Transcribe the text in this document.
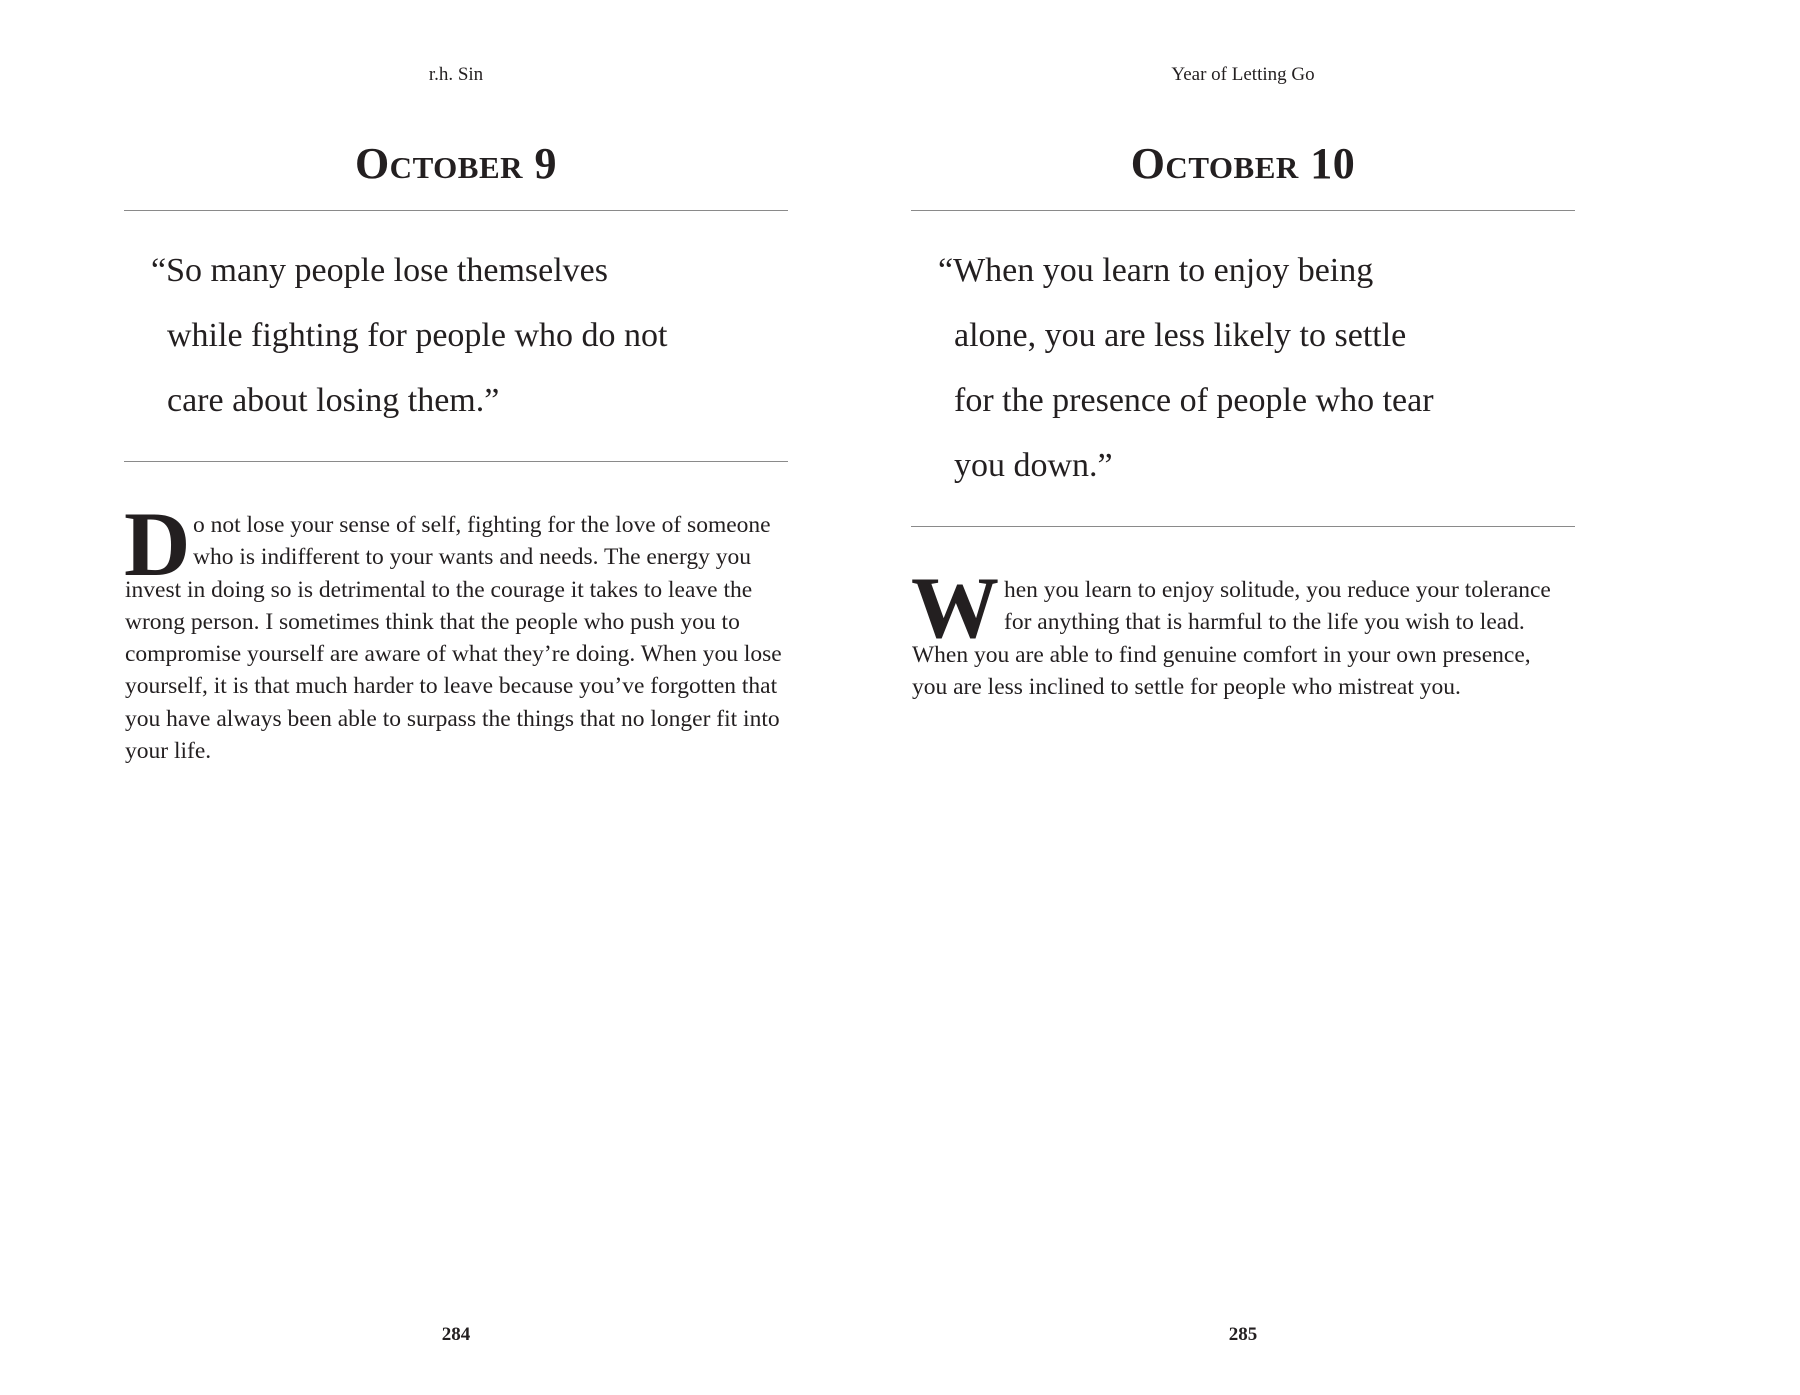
r.h. Sin
October 9
“So many people lose themselves
while fighting for people who do not
care about losing them.”
D o not lose your sense of self, fighting for the love of someone
who is indifferent to your wants and needs. The energy you
invest in doing so is detrimental to the courage it takes to leave the
wrong person. I sometimes think that the people who push you to
compromise yourself are aware of what they’re doing. When you lose
yourself, it is that much harder to leave because you’ve forgotten that
you have always been able to surpass the things that no longer fit into
your life.
284
Year of Letting Go
October 10
“When you learn to enjoy being
alone, you are less likely to settle
for the presence of people who tear
you down.”
W hen you learn to enjoy solitude, you reduce your tolerance
for anything that is harmful to the life you wish to lead.
When you are able to find genuine comfort in your own presence,
you are less inclined to settle for people who mistreat you.
285
